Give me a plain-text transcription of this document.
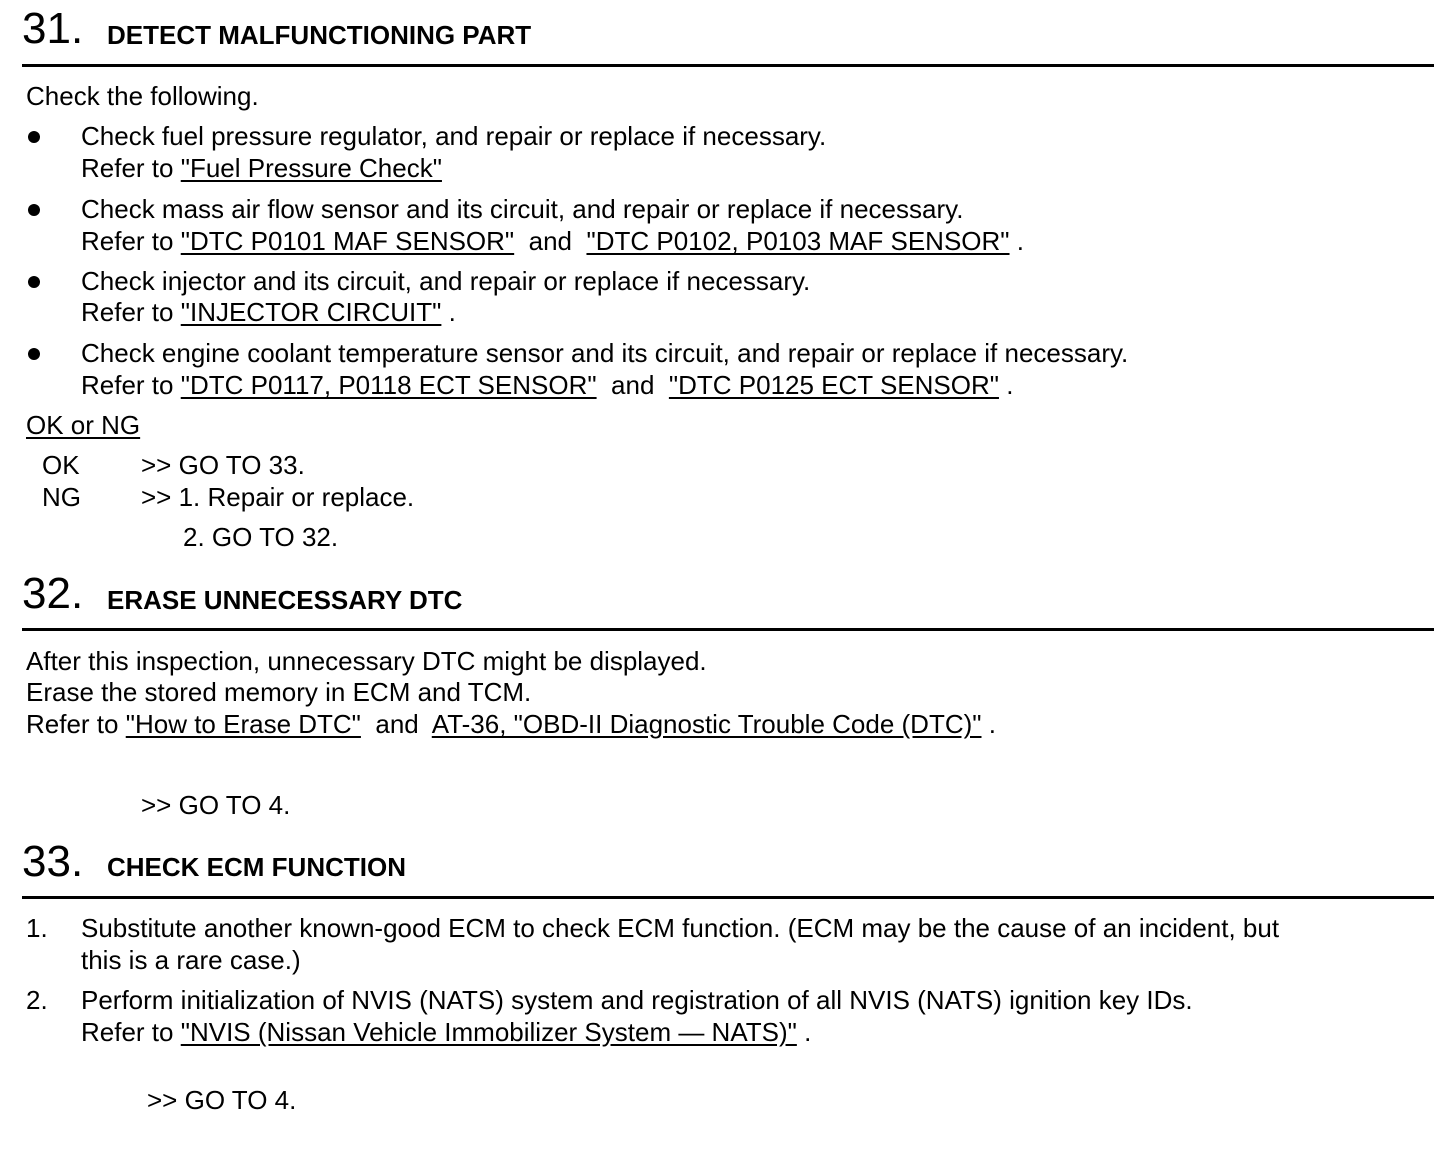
31. DETECT MALFUNCTIONING PART
Check the following.
Check fuel pressure regulator, and repair or replace if necessary.
Refer to "Fuel Pressure Check"
Check mass air flow sensor and its circuit, and repair or replace if necessary.
Refer to "DTC P0101 MAF SENSOR" and "DTC P0102, P0103 MAF SENSOR" .
Check injector and its circuit, and repair or replace if necessary.
Refer to "INJECTOR CIRCUIT" .
Check engine coolant temperature sensor and its circuit, and repair or replace if necessary.
Refer to "DTC P0117, P0118 ECT SENSOR" and "DTC P0125 ECT SENSOR" .
OK or NG
OK >> GO TO 33.
NG >> 1. Repair or replace.
2. GO TO 32.
32. ERASE UNNECESSARY DTC
After this inspection, unnecessary DTC might be displayed.
Erase the stored memory in ECM and TCM.
Refer to "How to Erase DTC" and AT-36, "OBD-II Diagnostic Trouble Code (DTC)" .
>> GO TO 4.
33. CHECK ECM FUNCTION
1. Substitute another known-good ECM to check ECM function. (ECM may be the cause of an incident, but
this is a rare case.)
2. Perform initialization of NVIS (NATS) system and registration of all NVIS (NATS) ignition key IDs.
Refer to "NVIS (Nissan Vehicle Immobilizer System — NATS)" .
>> GO TO 4.
